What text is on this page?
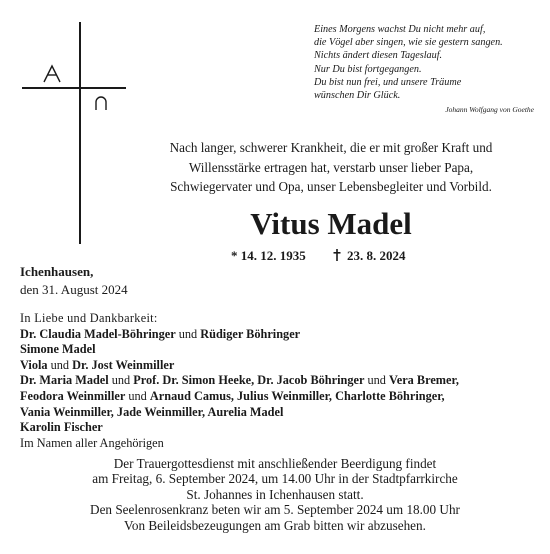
Eines Morgens wachst Du nicht mehr auf,
die Vögel aber singen, wie sie gestern sangen.
Nichts ändert diesen Tageslauf.
Nur Du bist fortgegangen.
Du bist nun frei, und unsere Träume
wünschen Dir Glück.
Johann Wolfgang von Goethe
Nach langer, schwerer Krankheit, die er mit großer Kraft und
Willensstärke ertragen hat, verstarb unser lieber Papa,
Schwiegervater und Opa, unser Lebensbegleiter und Vorbild.
Vitus Madel
* 14. 12. 1935	23. 8. 2024
Ichenhausen,
den 31. August 2024
In Liebe und Dankbarkeit:
Dr. Claudia Madel-Böhringer und Rüdiger Böhringer
Simone Madel
Viola und Dr. Jost Weinmiller
Dr. Maria Madel und Prof. Dr. Simon Heeke, Dr. Jacob Böhringer und Vera Bremer,
Feodora Weinmiller und Arnaud Camus, Julius Weinmiller, Charlotte Böhringer,
Vania Weinmiller, Jade Weinmiller, Aurelia Madel
Karolin Fischer
Im Namen aller Angehörigen
Der Trauergottesdienst mit anschließender Beerdigung findet
am Freitag, 6. September 2024, um 14.00 Uhr in der Stadtpfarrkirche
St. Johannes in Ichenhausen statt.
Den Seelenrosenkranz beten wir am 5. September 2024 um 18.00 Uhr
Von Beileidsbezeugungen am Grab bitten wir abzusehen.
